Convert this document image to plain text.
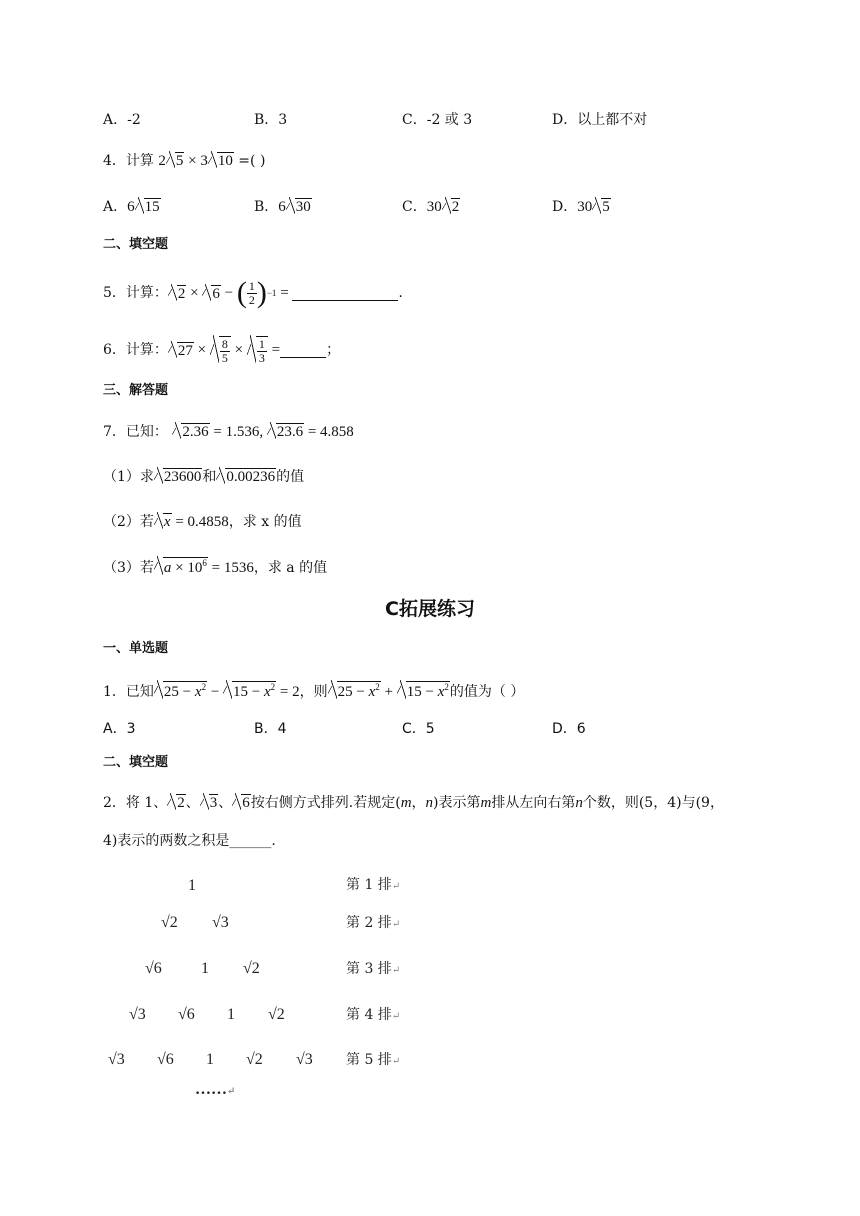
A．-2	B．3	C．-2 或 3	D．以上都不对
4．计算 2 5 × 3 10 =( )
A．6 15	B．6 30	C．30 2	D．30 5
二、填空题
5．计算： 2 × 6 − ( $\frac{1}{2}$ ) −1 =	.
6．计算： $27 \times \frac{8}{5} \times \frac{1}{3}$ =	；
三、解答题
7．已知： 2.36 = 1.536, 23.6 = 4.858
（1）求 23600和 0.00236的值
（2）若 x = 0.4858，求 x 的值
（3）若 $a \times 10^6 = 1536$，求 a 的值
C拓展练习
一、单选题
1．已知 $25 - x^2 - 15 - x^2 = 2$，则 $25 - x^2 + 15 - x^2$的值为（ ）
A．3	B．4	C．5	D．6
二、填空题
2．将 1、 2、 3、 6按右侧方式排列.若规定(m，n)表示第m排从左向右第n个数，则(5，4)与(9，
4)表示的两数之积是______.
1	第 1 排↵
√2 √3	第 2 排↵
√6 1 √2	第 3 排↵
√3 √6 1 √2	第 4 排↵
√3 √6 1 √2 √3 第 5 排↵
……↵
